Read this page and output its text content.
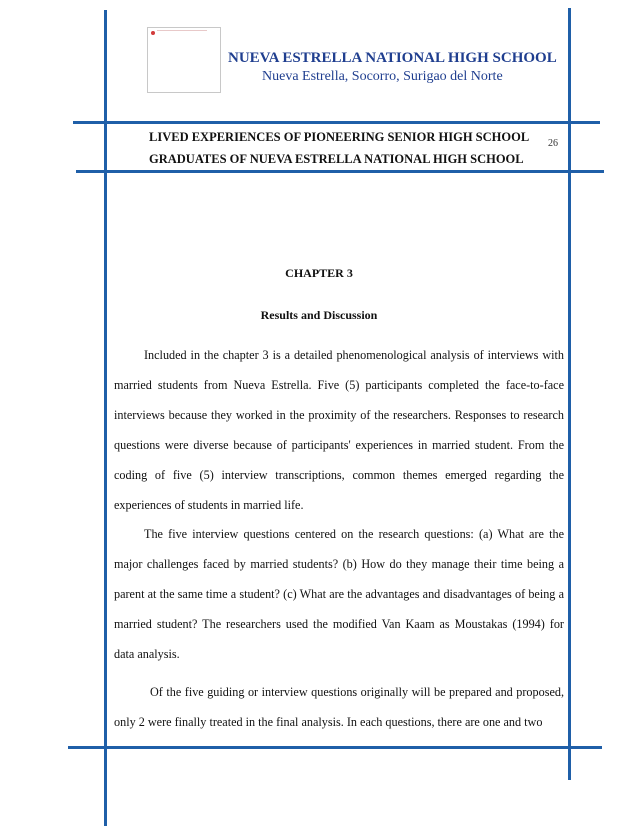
NUEVA ESTRELLA NATIONAL HIGH SCHOOL
Nueva Estrella, Socorro, Surigao del Norte
LIVED EXPERIENCES OF PIONEERING SENIOR HIGH SCHOOL
GRADUATES OF NUEVA ESTRELLA NATIONAL HIGH SCHOOL
26
CHAPTER 3
Results and Discussion

Included in the chapter 3 is a detailed phenomenological analysis of interviews with married students from Nueva Estrella. Five (5) participants completed the face-to-face interviews because they worked in the proximity of the researchers. Responses to research questions were diverse because of participants' experiences in married student. From the coding of five (5) interview transcriptions, common themes emerged regarding the experiences of students in married life.

The five interview questions centered on the research questions: (a) What are the major challenges faced by married students? (b) How do they manage their time being a parent at the same time a student? (c) What are the advantages and disadvantages of being a married student? The researchers used the modified Van Kaam as Moustakas (1994) for data analysis.

Of the five guiding or interview questions originally will be prepared and proposed, only 2 were finally treated in the final analysis. In each questions, there are one and two
